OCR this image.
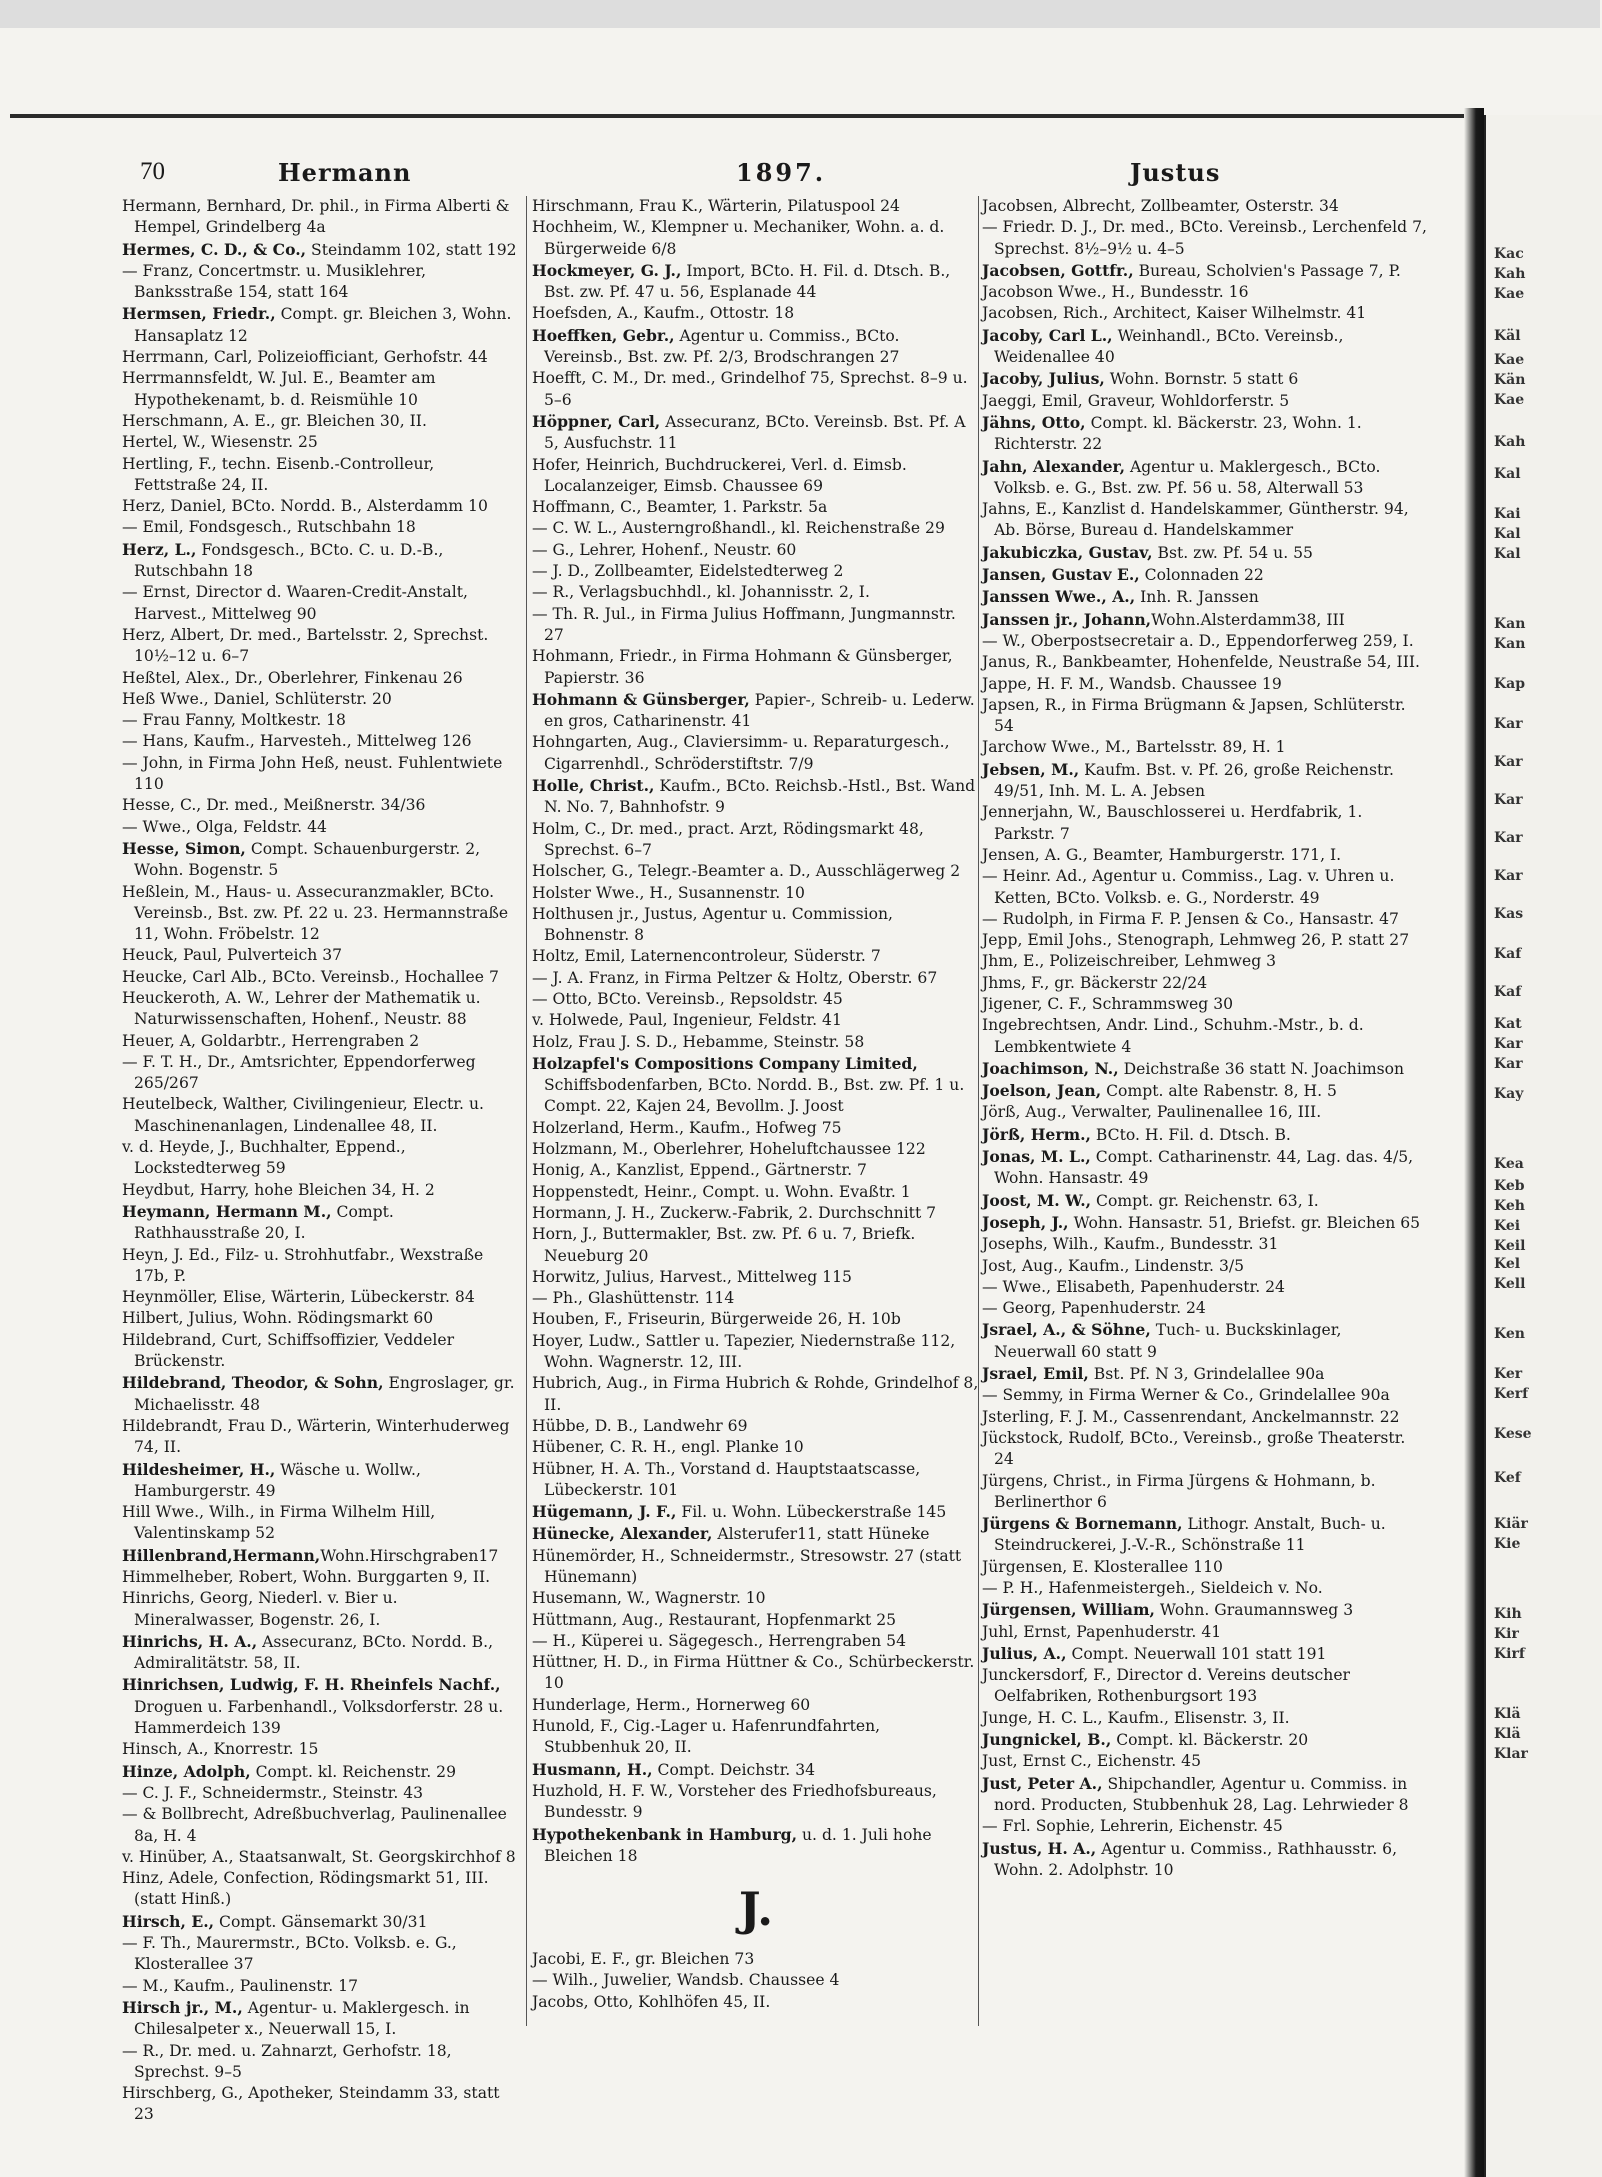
70	Hermann	1897.	Justus
Hermann, Bernhard, Dr. phil., in Firma Alberti & Hempel, Grindelberg 4a
Hermes, C. D., & Co., Steindamm 102, statt 192
— Franz, Concertmstr. u. Musiklehrer, Banksstraße 154, statt 164
Hermsen, Friedr., Compt. gr. Bleichen 3, Wohn. Hansaplatz 12
Herrmann, Carl, Polizeiofficiant, Gerhofstr. 44
Herrmannsfeldt, W. Jul. E., Beamter am Hypothekenamt, b. d. Reismühle 10
Herschmann, A. E., gr. Bleichen 30, II.
Hertel, W., Wiesenstr. 25
Hertling, F., techn. Eisenb.-Controlleur, Fettstraße 24, II.
Herz, Daniel, BCto. Nordd. B., Alsterdamm 10
— Emil, Fondsgesch., Rutschbahn 18
Herz, L., Fondsgesch., BCto. C. u. D.-B., Rutschbahn 18
— Ernst, Director d. Waaren-Credit-Anstalt, Harvest., Mittelweg 90
Herz, Albert, Dr. med., Bartelsstr. 2, Sprechst. 10½–12 u. 6–7
Heßtel, Alex., Dr., Oberlehrer, Finkenau 26
Heß Wwe., Daniel, Schlüterstr. 20
— Frau Fanny, Moltkestr. 18
— Hans, Kaufm., Harvesteh., Mittelweg 126
— John, in Firma John Heß, neust. Fuhlentwiete 110
Hesse, C., Dr. med., Meißnerstr. 34/36
— Wwe., Olga, Feldstr. 44
Hesse, Simon, Compt. Schauenburgerstr. 2, Wohn. Bogenstr. 5
Heßlein, M., Haus- u. Assecuranzmakler, BCto. Vereinsb., Bst. zw. Pf. 22 u. 23. Hermannstraße 11, Wohn. Fröbelstr. 12
Heuck, Paul, Pulverteich 37
Heucke, Carl Alb., BCto. Vereinsb., Hochallee 7
Heuckeroth, A. W., Lehrer der Mathematik u. Naturwissenschaften, Hohenf., Neustr. 88
Heuer, A, Goldarbtr., Herrengraben 2
— F. T. H., Dr., Amtsrichter, Eppendorferweg 265/267
Heutelbeck, Walther, Civilingenieur, Electr. u. Maschinenanlagen, Lindenallee 48, II.
v. d. Heyde, J., Buchhalter, Eppend., Lockstedterweg 59
Heydbut, Harry, hohe Bleichen 34, H. 2
Heymann, Hermann M., Compt. Rathhausstraße 20, I.
Heyn, J. Ed., Filz- u. Strohhutfabr., Wexstraße 17b, P.
Heynmöller, Elise, Wärterin, Lübeckerstr. 84
Hilbert, Julius, Wohn. Rödingsmarkt 60
Hildebrand, Curt, Schiffsoffizier, Veddeler Brückenstr.
Hildebrand, Theodor, & Sohn, Engroslager, gr. Michaelisstr. 48
Hildebrandt, Frau D., Wärterin, Winterhuderweg 74, II.
Hildesheimer, H., Wäsche u. Wollw., Hamburgerstr. 49
Hill Wwe., Wilh., in Firma Wilhelm Hill, Valentinskamp 52
Hillenbrand,Hermann,Wohn.Hirschgraben17
Himmelheber, Robert, Wohn. Burggarten 9, II.
Hinrichs, Georg, Niederl. v. Bier u. Mineralwasser, Bogenstr. 26, I.
Hinrichs, H. A., Assecuranz, BCto. Nordd. B., Admiralitätstr. 58, II.
Hinrichsen, Ludwig, F. H. Rheinfels Nachf., Droguen u. Farbenhandl., Volksdorferstr. 28 u. Hammerdeich 139
Hinsch, A., Knorrestr. 15
Hinze, Adolph, Compt. kl. Reichenstr. 29
— C. J. F., Schneidermstr., Steinstr. 43
— & Bollbrecht, Adreßbuchverlag, Paulinenallee 8a, H. 4
v. Hinüber, A., Staatsanwalt, St. Georgskirchhof 8
Hinz, Adele, Confection, Rödingsmarkt 51, III. (statt Hinß.)
Hirsch, E., Compt. Gänsemarkt 30/31
— F. Th., Maurermstr., BCto. Volksb. e. G., Klosterallee 37
— M., Kaufm., Paulinenstr. 17
Hirsch jr., M., Agentur- u. Maklergesch. in Chilesalpeter x., Neuerwall 15, I.
— R., Dr. med. u. Zahnarzt, Gerhofstr. 18, Sprechst. 9–5
Hirschberg, G., Apotheker, Steindamm 33, statt 23
Hirschmann, Frau K., Wärterin, Pilatuspool 24
Hochheim, W., Klempner u. Mechaniker, Wohn. a. d. Bürgerweide 6/8
Hockmeyer, G. J., Import, BCto. H. Fil. d. Dtsch. B., Bst. zw. Pf. 47 u. 56, Esplanade 44
Hoefsden, A., Kaufm., Ottostr. 18
Hoeffken, Gebr., Agentur u. Commiss., BCto. Vereinsb., Bst. zw. Pf. 2/3, Brodschrangen 27
Hoefft, C. M., Dr. med., Grindelhof 75, Sprechst. 8–9 u. 5–6
Höppner, Carl, Assecuranz, BCto. Vereinsb. Bst. Pf. A 5, Ausfuchstr. 11
Hofer, Heinrich, Buchdruckerei, Verl. d. Eimsb. Localanzeiger, Eimsb. Chaussee 69
Hoffmann, C., Beamter, 1. Parkstr. 5a
— C. W. L., Austerngroßhandl., kl. Reichenstraße 29
— G., Lehrer, Hohenf., Neustr. 60
— J. D., Zollbeamter, Eidelstedterweg 2
— R., Verlagsbuchhdl., kl. Johannisstr. 2, I.
— Th. R. Jul., in Firma Julius Hoffmann, Jungmannstr. 27
Hohmann, Friedr., in Firma Hohmann & Günsberger, Papierstr. 36
Hohmann & Günsberger, Papier-, Schreib- u. Lederw. en gros, Catharinenstr. 41
Hohngarten, Aug., Claviersimm- u. Reparaturgesch., Cigarrenhdl., Schröderstiftstr. 7/9
Holle, Christ., Kaufm., BCto. Reichsb.-Hstl., Bst. Wand N. No. 7, Bahnhofstr. 9
Holm, C., Dr. med., pract. Arzt, Rödingsmarkt 48, Sprechst. 6–7
Holscher, G., Telegr.-Beamter a. D., Ausschlägerweg 2
Holster Wwe., H., Susannenstr. 10
Holthusen jr., Justus, Agentur u. Commission, Bohnenstr. 8
Holtz, Emil, Laternencontroleur, Süderstr. 7
— J. A. Franz, in Firma Peltzer & Holtz, Oberstr. 67
— Otto, BCto. Vereinsb., Repsoldstr. 45
v. Holwede, Paul, Ingenieur, Feldstr. 41
Holz, Frau J. S. D., Hebamme, Steinstr. 58
Holzapfel's Compositions Company Limited, Schiffsbodenfarben, BCto. Nordd. B., Bst. zw. Pf. 1 u. Compt. 22, Kajen 24, Bevollm. J. Joost
Holzerland, Herm., Kaufm., Hofweg 75
Holzmann, M., Oberlehrer, Hoheluftchaussee 122
Honig, A., Kanzlist, Eppend., Gärtnerstr. 7
Hoppenstedt, Heinr., Compt. u. Wohn. Evaßtr. 1
Hormann, J. H., Zuckerw.-Fabrik, 2. Durchschnitt 7
Horn, J., Buttermakler, Bst. zw. Pf. 6 u. 7, Briefk. Neueburg 20
Horwitz, Julius, Harvest., Mittelweg 115
— Ph., Glashüttenstr. 114
Houben, F., Friseurin, Bürgerweide 26, H. 10b
Hoyer, Ludw., Sattler u. Tapezier, Niedernstraße 112, Wohn. Wagnerstr. 12, III.
Hubrich, Aug., in Firma Hubrich & Rohde, Grindelhof 8, II.
Hübbe, D. B., Landwehr 69
Hübener, C. R. H., engl. Planke 10
Hübner, H. A. Th., Vorstand d. Hauptstaatscasse, Lübeckerstr. 101
Hügemann, J. F., Fil. u. Wohn. Lübeckerstraße 145
Hünecke, Alexander, Alsterufer11, statt Hüneke
Hünemörder, H., Schneidermstr., Stresowstr. 27 (statt Hünemann)
Husemann, W., Wagnerstr. 10
Hüttmann, Aug., Restaurant, Hopfenmarkt 25
— H., Küperei u. Sägegesch., Herrengraben 54
Hüttner, H. D., in Firma Hüttner & Co., Schürbeckerstr. 10
Hunderlage, Herm., Hornerweg 60
Hunold, F., Cig.-Lager u. Hafenrundfahrten, Stubbenhuk 20, II.
Husmann, H., Compt. Deichstr. 34
Huzhold, H. F. W., Vorsteher des Friedhofsbureaus, Bundesstr. 9
Hypothekenbank in Hamburg, u. d. 1. Juli hohe Bleichen 18
J.
Jacobi, E. F., gr. Bleichen 73
— Wilh., Juwelier, Wandsb. Chaussee 4
Jacobs, Otto, Kohlhöfen 45, II.
Jacobsen, Albrecht, Zollbeamter, Osterstr. 34
— Friedr. D. J., Dr. med., BCto. Vereinsb., Lerchenfeld 7, Sprechst. 8½–9½ u. 4–5
Jacobsen, Gottfr., Bureau, Scholvien's Passage 7, P.
Jacobson Wwe., H., Bundesstr. 16
Jacobsen, Rich., Architect, Kaiser Wilhelmstr. 41
Jacoby, Carl L., Weinhandl., BCto. Vereinsb., Weidenallee 40
Jacoby, Julius, Wohn. Bornstr. 5 statt 6
Jaeggi, Emil, Graveur, Wohldorferstr. 5
Jähns, Otto, Compt. kl. Bäckerstr. 23, Wohn. 1. Richterstr. 22
Jahn, Alexander, Agentur u. Maklergesch., BCto. Volksb. e. G., Bst. zw. Pf. 56 u. 58, Alterwall 53
Jahns, E., Kanzlist d. Handelskammer, Güntherstr. 94, Ab. Börse, Bureau d. Handelskammer
Jakubiczka, Gustav, Bst. zw. Pf. 54 u. 55
Jansen, Gustav E., Colonnaden 22
Janssen Wwe., A., Inh. R. Janssen
Janssen jr., Johann,Wohn.Alsterdamm38, III
— W., Oberpostsecretair a. D., Eppendorferweg 259, I.
Janus, R., Bankbeamter, Hohenfelde, Neustraße 54, III.
Jappe, H. F. M., Wandsb. Chaussee 19
Japsen, R., in Firma Brügmann & Japsen, Schlüterstr. 54
Jarchow Wwe., M., Bartelsstr. 89, H. 1
Jebsen, M., Kaufm. Bst. v. Pf. 26, große Reichenstr. 49/51, Inh. M. L. A. Jebsen
Jennerjahn, W., Bauschlosserei u. Herdfabrik, 1. Parkstr. 7
Jensen, A. G., Beamter, Hamburgerstr. 171, I.
— Heinr. Ad., Agentur u. Commiss., Lag. v. Uhren u. Ketten, BCto. Volksb. e. G., Norderstr. 49
— Rudolph, in Firma F. P. Jensen & Co., Hansastr. 47
Jepp, Emil Johs., Stenograph, Lehmweg 26, P. statt 27
Jhm, E., Polizeischreiber, Lehmweg 3
Jhms, F., gr. Bäckerstr 22/24
Jigener, C. F., Schrammsweg 30
Ingebrechtsen, Andr. Lind., Schuhm.-Mstr., b. d. Lembkentwiete 4
Joachimson, N., Deichstraße 36 statt N. Joachimson
Joelson, Jean, Compt. alte Rabenstr. 8, H. 5
Jörß, Aug., Verwalter, Paulinenallee 16, III.
Jörß, Herm., BCto. H. Fil. d. Dtsch. B.
Jonas, M. L., Compt. Catharinenstr. 44, Lag. das. 4/5, Wohn. Hansastr. 49
Joost, M. W., Compt. gr. Reichenstr. 63, I.
Joseph, J., Wohn. Hansastr. 51, Briefst. gr. Bleichen 65
Josephs, Wilh., Kaufm., Bundesstr. 31
Jost, Aug., Kaufm., Lindenstr. 3/5
— Wwe., Elisabeth, Papenhuderstr. 24
— Georg, Papenhuderstr. 24
Jsrael, A., & Söhne, Tuch- u. Buckskinlager, Neuerwall 60 statt 9
Jsrael, Emil, Bst. Pf. N 3, Grindelallee 90a
— Semmy, in Firma Werner & Co., Grindelallee 90a
Jsterling, F. J. M., Cassenrendant, Anckelmannstr. 22
Jückstock, Rudolf, BCto., Vereinsb., große Theaterstr. 24
Jürgens, Christ., in Firma Jürgens & Hohmann, b. Berlinerthor 6
Jürgens & Bornemann, Lithogr. Anstalt, Buch- u. Steindruckerei, J.-V.-R., Schönstraße 11
Jürgensen, E. Klosterallee 110
— P. H., Hafenmeistergeh., Sieldeich v. No.
Jürgensen, William, Wohn. Graumannsweg 3
Juhl, Ernst, Papenhuderstr. 41
Julius, A., Compt. Neuerwall 101 statt 191
Junckersdorf, F., Director d. Vereins deutscher Oelfabriken, Rothenburgsort 193
Junge, H. C. L., Kaufm., Elisenstr. 3, II.
Jungnickel, B., Compt. kl. Bäckerstr. 20
Just, Ernst C., Eichenstr. 45
Just, Peter A., Shipchandler, Agentur u. Commiss. in nord. Producten, Stubbenhuk 28, Lag. Lehrwieder 8
— Frl. Sophie, Lehrerin, Eichenstr. 45
Justus, H. A., Agentur u. Commiss., Rathhausstr. 6, Wohn. 2. Adolphstr. 10
Kac
Kah
Kae
Käl
Kae
Kän
Kae
Kah
Kal
Kai
Kal
Kal
Kan
Kan
Kap
Kar
Kar
Kar
Kar
Kar
Kas
Kaf
Kaf
Kat
Kar
Kar
Kay
Kea
Keb
Keh
Kei
Keil
Kel
Kell
Ken
Ker
Kerf
Kese
Kef
Kiär
Kie
Kih
Kir
Kirf
Klä
Klä
Klar
